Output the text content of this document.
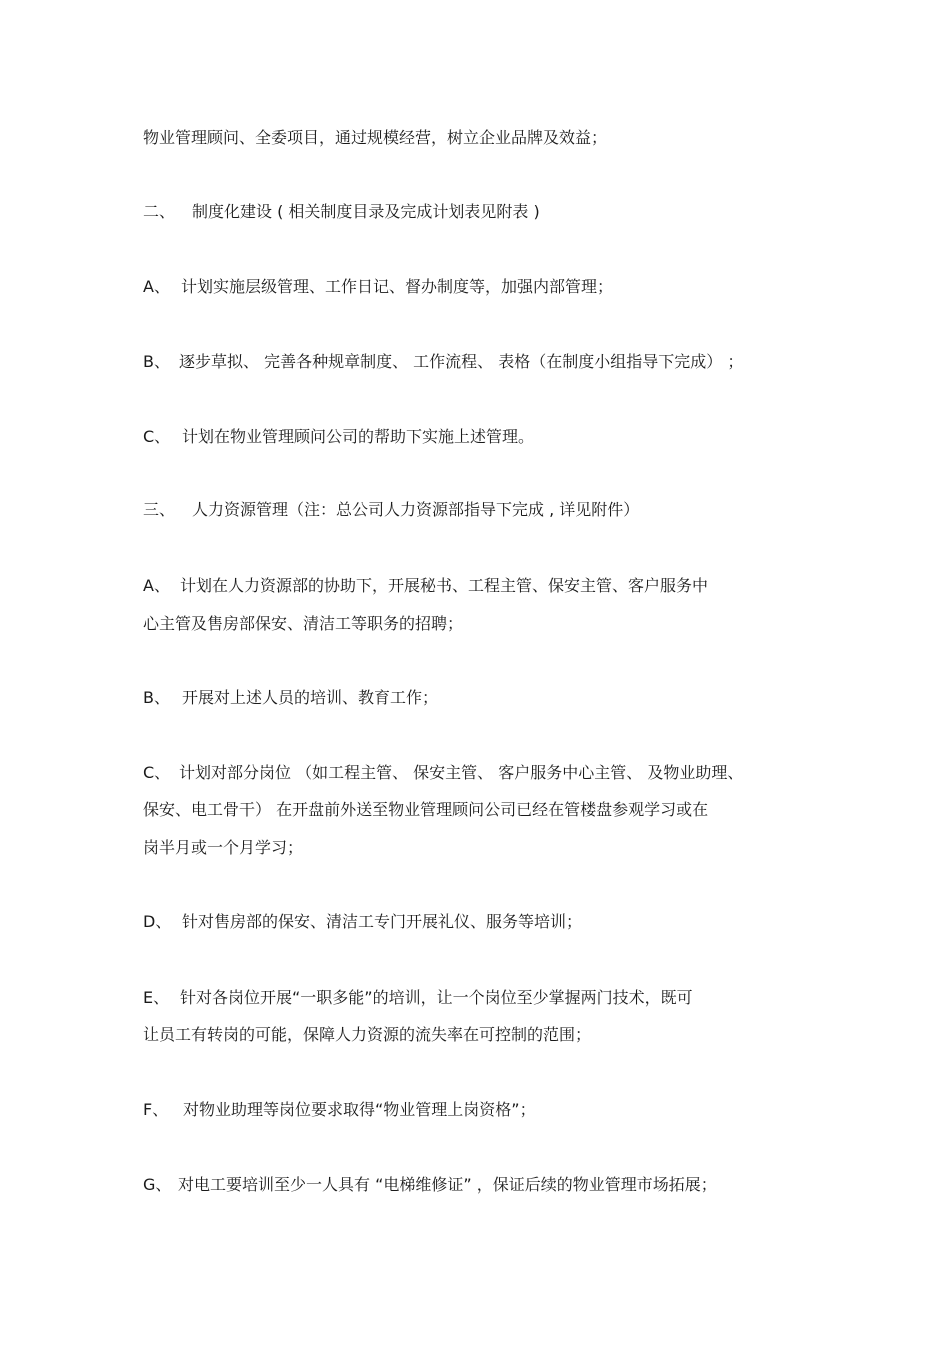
物业管理顾问、全委项目，通过规模经营，树立企业品牌及效益；
二、 制度化建设 ( 相关制度目录及完成计划表见附表 )
A、 计划实施层级管理、工作日记、督办制度等，加强内部管理；
B、 逐步草拟、 完善各种规章制度、 工作流程、 表格（在制度小组指导下完成） ；
C、 计划在物业管理顾问公司的帮助下实施上述管理。
三、 人力资源管理（注：总公司人力资源部指导下完成 , 详见附件）
A、 计划在人力资源部的协助下，开展秘书、工程主管、保安主管、客户服务中
心主管及售房部保安、清洁工等职务的招聘；
B、 开展对上述人员的培训、教育工作；
C、 计划对部分岗位 （如工程主管、 保安主管、 客户服务中心主管、 及物业助理、
保安、电工骨干） 在开盘前外送至物业管理顾问公司已经在管楼盘参观学习或在
岗半月或一个月学习；
D、 针对售房部的保安、清洁工专门开展礼仪、服务等培训；
E、 针对各岗位开展“一职多能”的培训，让一个岗位至少掌握两门技术，既可
让员工有转岗的可能，保障人力资源的流失率在可控制的范围；
F、 对物业助理等岗位要求取得“物业管理上岗资格”；
G、 对电工要培训至少一人具有 “电梯维修证” ，保证后续的物业管理市场拓展；
